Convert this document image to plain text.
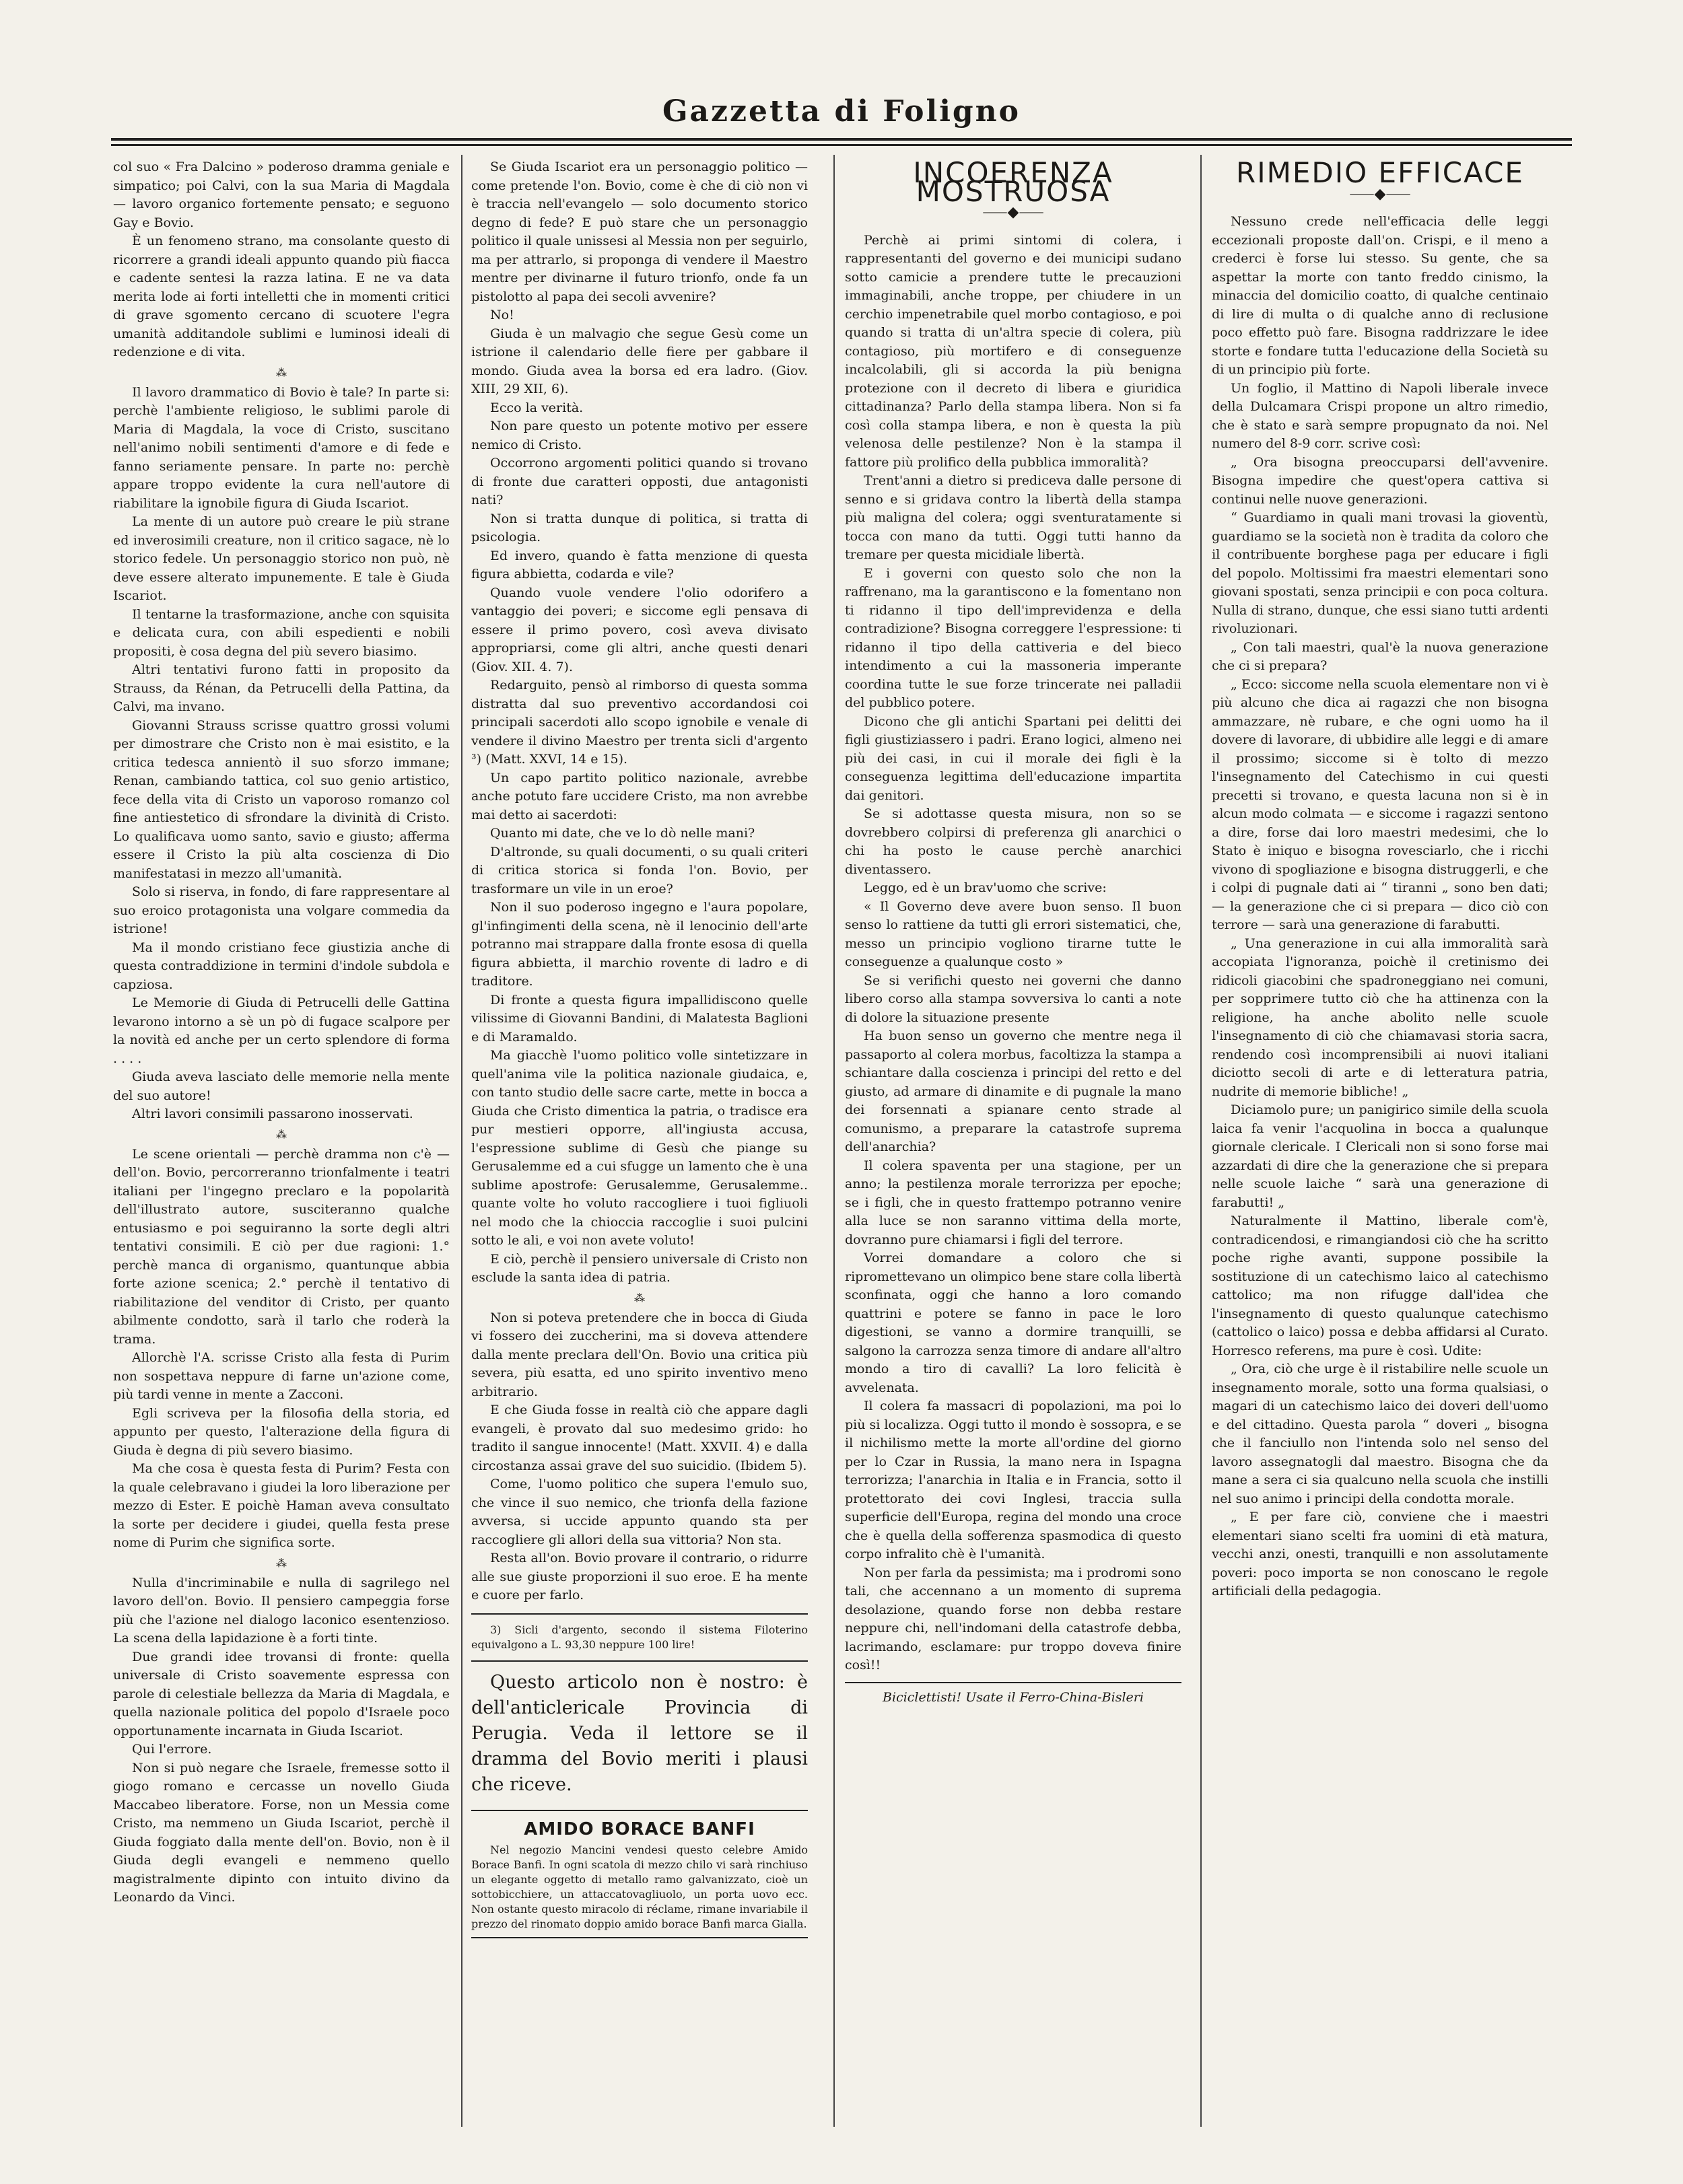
Gazzetta di Foligno

col suo « Fra Dalcino » poderoso dramma geniale e simpatico; poi Calvi, con la sua Maria di Magdala — lavoro organico fortemente pensato; e seguono Gay e Bovio.

È un fenomeno strano, ma consolante questo di ricorrere a grandi ideali appunto quando più fiacca e cadente sentesi la razza latina. E ne va data merita lode ai forti intelletti che in momenti critici di grave sgomento cercano di scuotere l'egra umanità additandole sublimi e luminosi ideali di redenzione e di vita.

⁂

Il lavoro drammatico di Bovio è tale? In parte si: perchè l'ambiente religioso, le sublimi parole di Maria di Magdala, la voce di Cristo, suscitano nell'animo nobili sentimenti d'amore e di fede e fanno seriamente pensare. In parte no: perchè appare troppo evidente la cura nell'autore di riabilitare la ignobile figura di Giuda Iscariot.

La mente di un autore può creare le più strane ed inverosimili creature, non il critico sagace, nè lo storico fedele. Un personaggio storico non può, nè deve essere alterato impunemente. E tale è Giuda Iscariot.

Il tentarne la trasformazione, anche con squisita e delicata cura, con abili espedienti e nobili propositi, è cosa degna del più severo biasimo.

Altri tentativi furono fatti in proposito da Strauss, da Rénan, da Petrucelli della Pattina, da Calvi, ma invano.

Giovanni Strauss scrisse quattro grossi volumi per dimostrare che Cristo non è mai esistito, e la critica tedesca annientò il suo sforzo immane; Renan, cambiando tattica, col suo genio artistico, fece della vita di Cristo un vaporoso romanzo col fine antiestetico di sfrondare la divinità di Cristo. Lo qualificava uomo santo, savio e giusto; afferma essere il Cristo la più alta coscienza di Dio manifestatasi in mezzo all'umanità.

Solo si riserva, in fondo, di fare rappresentare al suo eroico protagonista una volgare commedia da istrione!

Ma il mondo cristiano fece giustizia anche di questa contraddizione in termini d'indole subdola e capziosa.

Le Memorie di Giuda di Petrucelli delle Gattina levarono intorno a sè un pò di fugace scalpore per la novità ed anche per un certo splendore di forma . . . .

Giuda aveva lasciato delle memorie nella mente del suo autore!

Altri lavori consimili passarono inosservati.

⁂

Le scene orientali — perchè dramma non c'è — dell'on. Bovio, percorreranno trionfalmente i teatri italiani per l'ingegno preclaro e la popolarità dell'illustrato autore, susciteranno qualche entusiasmo e poi seguiranno la sorte degli altri tentativi consimili. E ciò per due ragioni: 1.° perchè manca di organismo, quantunque abbia forte azione scenica; 2.° perchè il tentativo di riabilitazione del venditor di Cristo, per quanto abilmente condotto, sarà il tarlo che roderà la trama.

Allorchè l'A. scrisse Cristo alla festa di Purim non sospettava neppure di farne un'azione come, più tardi venne in mente a Zacconi.

Egli scriveva per la filosofia della storia, ed appunto per questo, l'alterazione della figura di Giuda è degna di più severo biasimo.

Ma che cosa è questa festa di Purim? Festa con la quale celebravano i giudei la loro liberazione per mezzo di Ester. E poichè Haman aveva consultato la sorte per decidere i giudei, quella festa prese nome di Purim che significa sorte.

⁂

Nulla d'incriminabile e nulla di sagrilego nel lavoro dell'on. Bovio. Il pensiero campeggia forse più che l'azione nel dialogo laconico esentenzioso. La scena della lapidazione è a forti tinte.

Due grandi idee trovansi di fronte: quella universale di Cristo soavemente espressa con parole di celestiale bellezza da Maria di Magdala, e quella nazionale politica del popolo d'Israele poco opportunamente incarnata in Giuda Iscariot.

Qui l'errore.

Non si può negare che Israele, fremesse sotto il giogo romano e cercasse un novello Giuda Maccabeo liberatore. Forse, non un Messia come Cristo, ma nemmeno un Giuda Iscariot, perchè il Giuda foggiato dalla mente dell'on. Bovio, non è il Giuda degli evangeli e nemmeno quello magistralmente dipinto con intuito divino da Leonardo da Vinci.

Se Giuda Iscariot era un personaggio politico — come pretende l'on. Bovio, come è che di ciò non vi è traccia nell'evangelo — solo documento storico degno di fede? E può stare che un personaggio politico il quale unissesi al Messia non per seguirlo, ma per attrarlo, si proponga di vendere il Maestro mentre per divinarne il futuro trionfo, onde fa un pistolotto al papa dei secoli avvenire?

No!

Giuda è un malvagio che segue Gesù come un istrione il calendario delle fiere per gabbare il mondo. Giuda avea la borsa ed era ladro. (Giov. XIII, 29 XII, 6).

Ecco la verità.

Non pare questo un potente motivo per essere nemico di Cristo.

Occorrono argomenti politici quando si trovano di fronte due caratteri opposti, due antagonisti nati?

Non si tratta dunque di politica, si tratta di psicologia.

Ed invero, quando è fatta menzione di questa figura abbietta, codarda e vile?

Quando vuole vendere l'olio odorifero a vantaggio dei poveri; e siccome egli pensava di essere il primo povero, così aveva divisato appropriarsi, come gli altri, anche questi denari (Giov. XII. 4. 7).

Redarguito, pensò al rimborso di questa somma distratta dal suo preventivo accordandosi coi principali sacerdoti allo scopo ignobile e venale di vendere il divino Maestro per trenta sicli d'argento ³) (Matt. XXVI, 14 e 15).

Un capo partito politico nazionale, avrebbe anche potuto fare uccidere Cristo, ma non avrebbe mai detto ai sacerdoti:

Quanto mi date, che ve lo dò nelle mani?

D'altronde, su quali documenti, o su quali criteri di critica storica si fonda l'on. Bovio, per trasformare un vile in un eroe?

Non il suo poderoso ingegno e l'aura popolare, gl'infingimenti della scena, nè il lenocinio dell'arte potranno mai strappare dalla fronte esosa di quella figura abbietta, il marchio rovente di ladro e di traditore.

Di fronte a questa figura impallidiscono quelle vilissime di Giovanni Bandini, di Malatesta Baglioni e di Maramaldo.

Ma giacchè l'uomo politico volle sintetizzare in quell'anima vile la politica nazionale giudaica, e, con tanto studio delle sacre carte, mette in bocca a Giuda che Cristo dimentica la patria, o tradisce era pur mestieri opporre, all'ingiusta accusa, l'espressione sublime di Gesù che piange su Gerusalemme ed a cui sfugge un lamento che è una sublime apostrofe: Gerusalemme, Gerusalemme.. quante volte ho voluto raccogliere i tuoi figliuoli nel modo che la chioccia raccoglie i suoi pulcini sotto le ali, e voi non avete voluto!

E ciò, perchè il pensiero universale di Cristo non esclude la santa idea di patria.

⁂

Non si poteva pretendere che in bocca di Giuda vi fossero dei zuccherini, ma si doveva attendere dalla mente preclara dell'On. Bovio una critica più severa, più esatta, ed uno spirito inventivo meno arbitrario.

E che Giuda fosse in realtà ciò che appare dagli evangeli, è provato dal suo medesimo grido: ho tradito il sangue innocente! (Matt. XXVII. 4) e dalla circostanza assai grave del suo suicidio. (Ibidem 5).

Come, l'uomo politico che supera l'emulo suo, che vince il suo nemico, che trionfa della fazione avversa, si uccide appunto quando sta per raccogliere gli allori della sua vittoria? Non sta.

Resta all'on. Bovio provare il contrario, o ridurre alle sue giuste proporzioni il suo eroe. E ha mente e cuore per farlo.

3) Sicli d'argento, secondo il sistema Filoterino equivalgono a L. 93,30 neppure 100 lire!

Questo articolo non è nostro: è dell'anticlericale Provincia di Perugia. Veda il lettore se il dramma del Bovio meriti i plausi che riceve.

AMIDO BORACE BANFI

Nel negozio Mancini vendesi questo celebre Amido Borace Banfi. In ogni scatola di mezzo chilo vi sarà rinchiuso un elegante oggetto di metallo ramo galvanizzato, cioè un sottobicchiere, un attaccatovagliuolo, un porta uovo ecc. Non ostante questo miracolo di réclame, rimane invariabile il prezzo del rinomato doppio amido borace Banfi marca Gialla.

INCOERENZA MOSTRUOSA
⸺◆⸺

Perchè ai primi sintomi di colera, i rappresentanti del governo e dei municipi sudano sotto camicie a prendere tutte le precauzioni immaginabili, anche troppe, per chiudere in un cerchio impenetrabile quel morbo contagioso, e poi quando si tratta di un'altra specie di colera, più contagioso, più mortifero e di conseguenze incalcolabili, gli si accorda la più benigna protezione con il decreto di libera e giuridica cittadinanza? Parlo della stampa libera. Non si fa così colla stampa libera, e non è questa la più velenosa delle pestilenze? Non è la stampa il fattore più prolifico della pubblica immoralità?

Trent'anni a dietro si prediceva dalle persone di senno e si gridava contro la libertà della stampa più maligna del colera; oggi sventuratamente si tocca con mano da tutti. Oggi tutti hanno da tremare per questa micidiale libertà.

E i governi con questo solo che non la raffrenano, ma la garantiscono e la fomentano non ti ridanno il tipo dell'imprevidenza e della contradizione? Bisogna correggere l'espressione: ti ridanno il tipo della cattiveria e del bieco intendimento a cui la massoneria imperante coordina tutte le sue forze trincerate nei palladii del pubblico potere.

Dicono che gli antichi Spartani pei delitti dei figli giustiziassero i padri. Erano logici, almeno nei più dei casi, in cui il morale dei figli è la conseguenza legittima dell'educazione impartita dai genitori.

Se si adottasse questa misura, non so se dovrebbero colpirsi di preferenza gli anarchici o chi ha posto le cause perchè anarchici diventassero.

Leggo, ed è un brav'uomo che scrive:

« Il Governo deve avere buon senso. Il buon senso lo rattiene da tutti gli errori sistematici, che, messo un principio vogliono tirarne tutte le conseguenze a qualunque costo »

Se si verifichi questo nei governi che danno libero corso alla stampa sovversiva lo canti a note di dolore la situazione presente

Ha buon senso un governo che mentre nega il passaporto al colera morbus, facoltizza la stampa a schiantare dalla coscienza i principi del retto e del giusto, ad armare di dinamite e di pugnale la mano dei forsennati a spianare cento strade al comunismo, a preparare la catastrofe suprema dell'anarchia?

Il colera spaventa per una stagione, per un anno; la pestilenza morale terrorizza per epoche; se i figli, che in questo frattempo potranno venire alla luce se non saranno vittima della morte, dovranno pure chiamarsi i figli del terrore.

Vorrei domandare a coloro che si ripromettevano un olimpico bene stare colla libertà sconfinata, oggi che hanno a loro comando quattrini e potere se fanno in pace le loro digestioni, se vanno a dormire tranquilli, se salgono la carrozza senza timore di andare all'altro mondo a tiro di cavalli? La loro felicità è avvelenata.

Il colera fa massacri di popolazioni, ma poi lo più si localizza. Oggi tutto il mondo è sossopra, e se il nichilismo mette la morte all'ordine del giorno per lo Czar in Russia, la mano nera in Ispagna terrorizza; l'anarchia in Italia e in Francia, sotto il protettorato dei covi Inglesi, traccia sulla superficie dell'Europa, regina del mondo una croce che è quella della sofferenza spasmodica di questo corpo infralito chè è l'umanità.

Non per farla da pessimista; ma i prodromi sono tali, che accennano a un momento di suprema desolazione, quando forse non debba restare neppure chi, nell'indomani della catastrofe debba, lacrimando, esclamare: pur troppo doveva finire così!!

Biciclettisti! Usate il Ferro-China-Bisleri
RIMEDIO EFFICACE
⸺◆⸺

Nessuno crede nell'efficacia delle leggi eccezionali proposte dall'on. Crispi, e il meno a crederci è forse lui stesso. Su gente, che sa aspettar la morte con tanto freddo cinismo, la minaccia del domicilio coatto, di qualche centinaio di lire di multa o di qualche anno di reclusione poco effetto può fare. Bisogna raddrizzare le idee storte e fondare tutta l'educazione della Società su di un principio più forte.

Un foglio, il Mattino di Napoli liberale invece della Dulcamara Crispi propone un altro rimedio, che è stato e sarà sempre propugnato da noi. Nel numero del 8-9 corr. scrive così:

„ Ora bisogna preoccuparsi dell'avvenire. Bisogna impedire che quest'opera cattiva si continui nelle nuove generazioni.

“ Guardiamo in quali mani trovasi la gioventù, guardiamo se la società non è tradita da coloro che il contribuente borghese paga per educare i figli del popolo. Moltissimi fra maestri elementari sono giovani spostati, senza principii e con poca coltura. Nulla di strano, dunque, che essi siano tutti ardenti rivoluzionari.

„ Con tali maestri, qual'è la nuova generazione che ci si prepara?

„ Ecco: siccome nella scuola elementare non vi è più alcuno che dica ai ragazzi che non bisogna ammazzare, nè rubare, e che ogni uomo ha il dovere di lavorare, di ubbidire alle leggi e di amare il prossimo; siccome si è tolto di mezzo l'insegnamento del Catechismo in cui questi precetti si trovano, e questa lacuna non si è in alcun modo colmata — e siccome i ragazzi sentono a dire, forse dai loro maestri medesimi, che lo Stato è iniquo e bisogna rovesciarlo, che i ricchi vivono di spogliazione e bisogna distruggerli, e che i colpi di pugnale dati ai “ tiranni „ sono ben dati; — la generazione che ci si prepara — dico ciò con terrore — sarà una generazione di farabutti.

„ Una generazione in cui alla immoralità sarà accopiata l'ignoranza, poichè il cretinismo dei ridicoli giacobini che spadroneggiano nei comuni, per sopprimere tutto ciò che ha attinenza con la religione, ha anche abolito nelle scuole l'insegnamento di ciò che chiamavasi storia sacra, rendendo così incomprensibili ai nuovi italiani diciotto secoli di arte e di letteratura patria, nudrite di memorie bibliche! „

Diciamolo pure; un panigirico simile della scuola laica fa venir l'acquolina in bocca a qualunque giornale clericale. I Clericali non si sono forse mai azzardati di dire che la generazione che si prepara nelle scuole laiche “ sarà una generazione di farabutti! „

Naturalmente il Mattino, liberale com'è, contradicendosi, e rimangiandosi ciò che ha scritto poche righe avanti, suppone possibile la sostituzione di un catechismo laico al catechismo cattolico; ma non rifugge dall'idea che l'insegnamento di questo qualunque catechismo (cattolico o laico) possa e debba affidarsi al Curato. Horresco referens, ma pure è così. Udite:

„ Ora, ciò che urge è il ristabilire nelle scuole un insegnamento morale, sotto una forma qualsiasi, o magari di un catechismo laico dei doveri dell'uomo e del cittadino. Questa parola “ doveri „ bisogna che il fanciullo non l'intenda solo nel senso del lavoro assegnatogli dal maestro. Bisogna che da mane a sera ci sia qualcuno nella scuola che instilli nel suo animo i principi della condotta morale.

„ E per fare ciò, conviene che i maestri elementari siano scelti fra uomini di età matura, vecchi anzi, onesti, tranquilli e non assolutamente poveri: poco importa se non conoscano le regole artificiali della pedagogia.
